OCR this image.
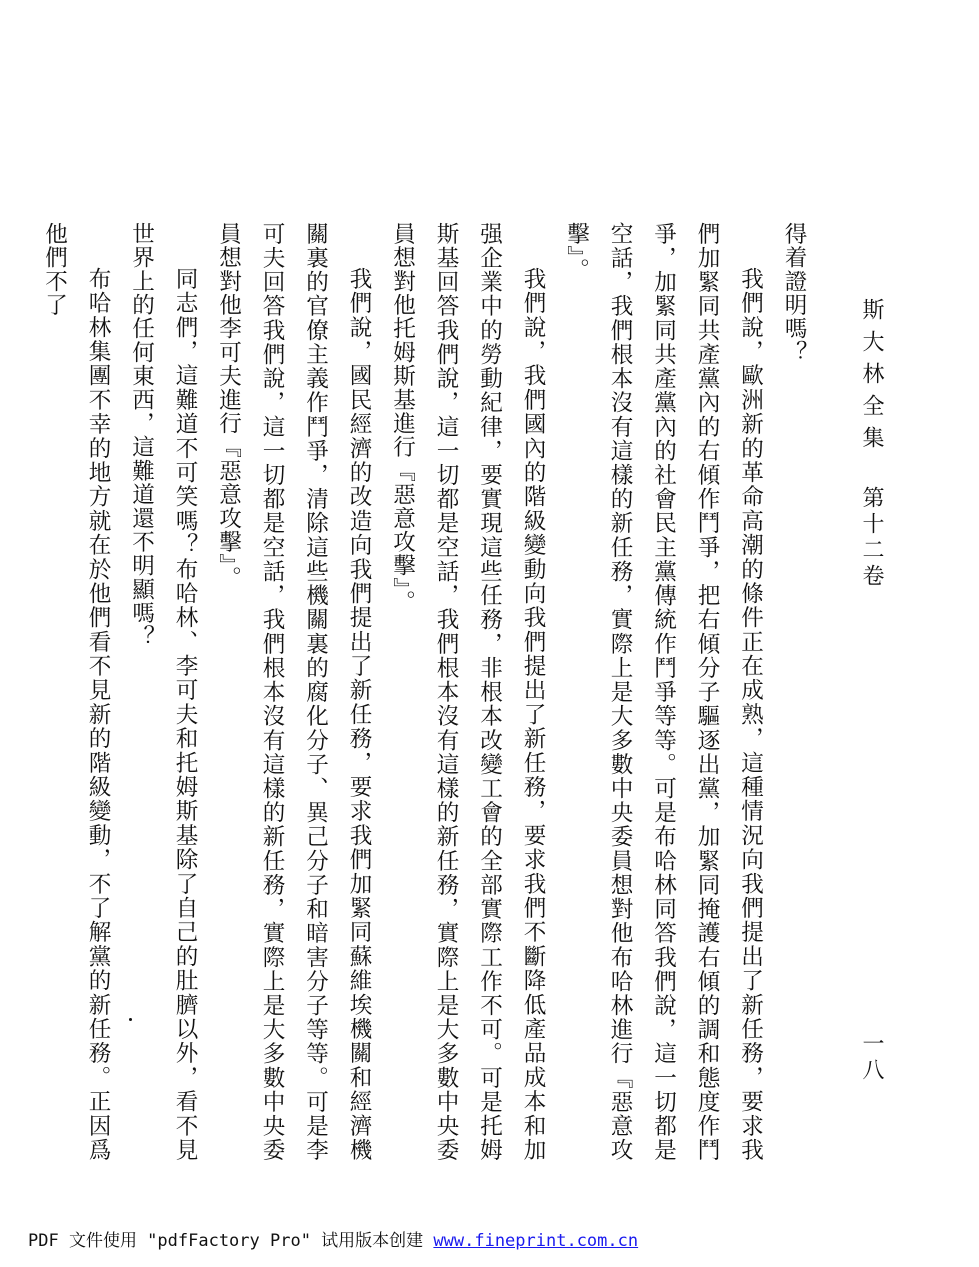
斯大林全集第十二卷
一八

得着證明嗎？

我們說，歐洲新的革命高潮的條件正在成熟，這種情況向我們提出了新任務，要求我們加緊同共產黨內的右傾作鬥爭，把右傾分子驅逐出黨，加緊同掩護右傾的調和態度作鬥爭，加緊同共產黨內的社會民主黨傳統作鬥爭等等。可是布哈林同答我們說，這一切都是空話，我們根本沒有這樣的新任務，實際上是大多數中央委員想對他布哈林進行『惡意攻擊』。

我們說，我們國內的階級變動向我們提出了新任務，要求我們不斷降低產品成本和加强企業中的勞動紀律，要實現這些任務，非根本改變工會的全部實際工作不可。可是托姆斯基回答我們說，這一切都是空話，我們根本沒有這樣的新任務，實際上是大多數中央委員想對他托姆斯基進行『惡意攻擊』。

我們說，國民經濟的改造向我們提出了新任務，要求我們加緊同蘇維埃機關和經濟機關裏的官僚主義作鬥爭，清除這些機關裏的腐化分子、異己分子和暗害分子等等。可是李可夫回答我們說，這一切都是空話，我們根本沒有這樣的新任務，實際上是大多數中央委員想對他李可夫進行『惡意攻擊』。

同志們，這難道不可笑嗎？布哈林、李可夫和托姆斯基除了自己的肚臍以外，看不見世界上的任何東西，這難道還不明顯嗎？

布哈林集團不幸的地方就在於他們看不見新的階級變動，不了解黨的新任務。正因爲他們不了

PDF 文件使用 "pdfFactory Pro" 试用版本创建 www.fineprint.com.cn
